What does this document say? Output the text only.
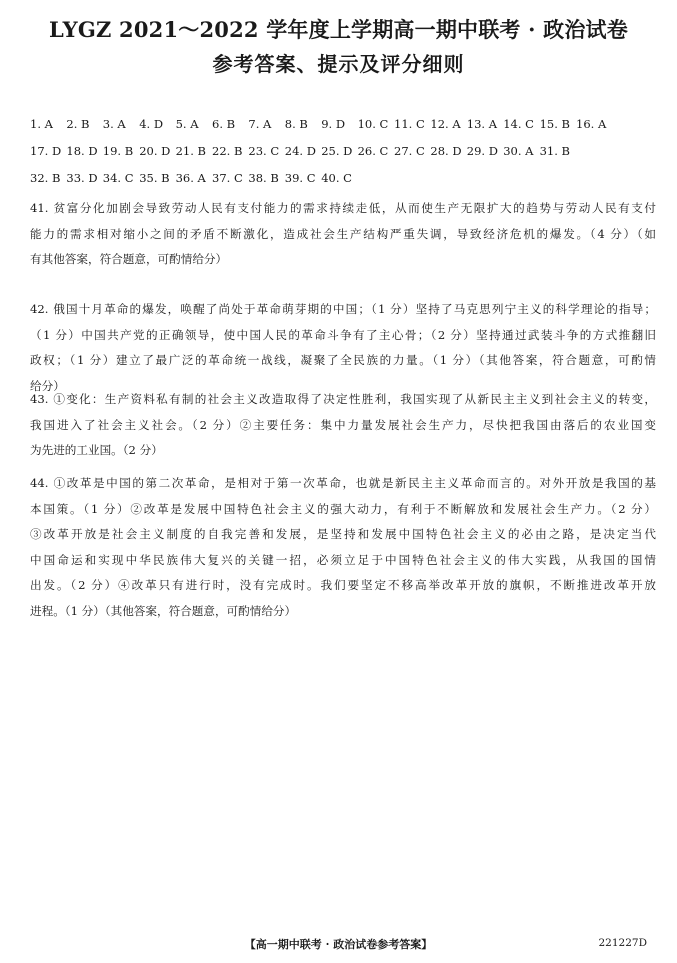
LYGZ 2021～2022 学年度上学期高一期中联考 · 政治试卷
参考答案、提示及评分细则
1. A 2. B 3. A 4. D 5. A 6. B 7. A 8. B 9. D 10. C 11. C 12. A 13. A 14. C 15. B 16. A
17. D 18. D 19. B 20. D 21. B 22. B 23. C 24. D 25. D 26. C 27. C 28. D 29. D 30. A 31. B
32. B 33. D 34. C 35. B 36. A 37. C 38. B 39. C 40. C
41. 贫富分化加剧会导致劳动人民有支付能力的需求持续走低，从而使生产无限扩大的趋势与劳动人民有支付
能力的需求相对缩小之间的矛盾不断激化，造成社会生产结构严重失调，导致经济危机的爆发。（4 分）（如
有其他答案，符合题意，可酌情给分）
42. 俄国十月革命的爆发，唤醒了尚处于革命萌芽期的中国；（1 分）坚持了马克思列宁主义的科学理论的指导；
（1 分）中国共产党的正确领导，使中国人民的革命斗争有了主心骨；（2 分）坚持通过武装斗争的方式推翻旧
政权；（1 分）建立了最广泛的革命统一战线，凝聚了全民族的力量。（1 分）（其他答案，符合题意，可酌情
给分）
43. ①变化：生产资料私有制的社会主义改造取得了决定性胜利，我国实现了从新民主主义到社会主义的转变，
我国进入了社会主义社会。（2 分）②主要任务：集中力量发展社会生产力，尽快把我国由落后的农业国变
为先进的工业国。（2 分）
44. ①改革是中国的第二次革命，是相对于第一次革命，也就是新民主主义革命而言的。对外开放是我国的基
本国策。（1 分）②改革是发展中国特色社会主义的强大动力，有利于不断解放和发展社会生产力。（2 分）
③改革开放是社会主义制度的自我完善和发展，是坚持和发展中国特色社会主义的必由之路，是决定当代
中国命运和实现中华民族伟大复兴的关键一招，必须立足于中国特色社会主义的伟大实践，从我国的国情
出发。（2 分）④改革只有进行时，没有完成时。我们要坚定不移高举改革开放的旗帜，不断推进改革开放
进程。（1 分）（其他答案，符合题意，可酌情给分）
【高一期中联考 · 政治试卷参考答案】	221227D
